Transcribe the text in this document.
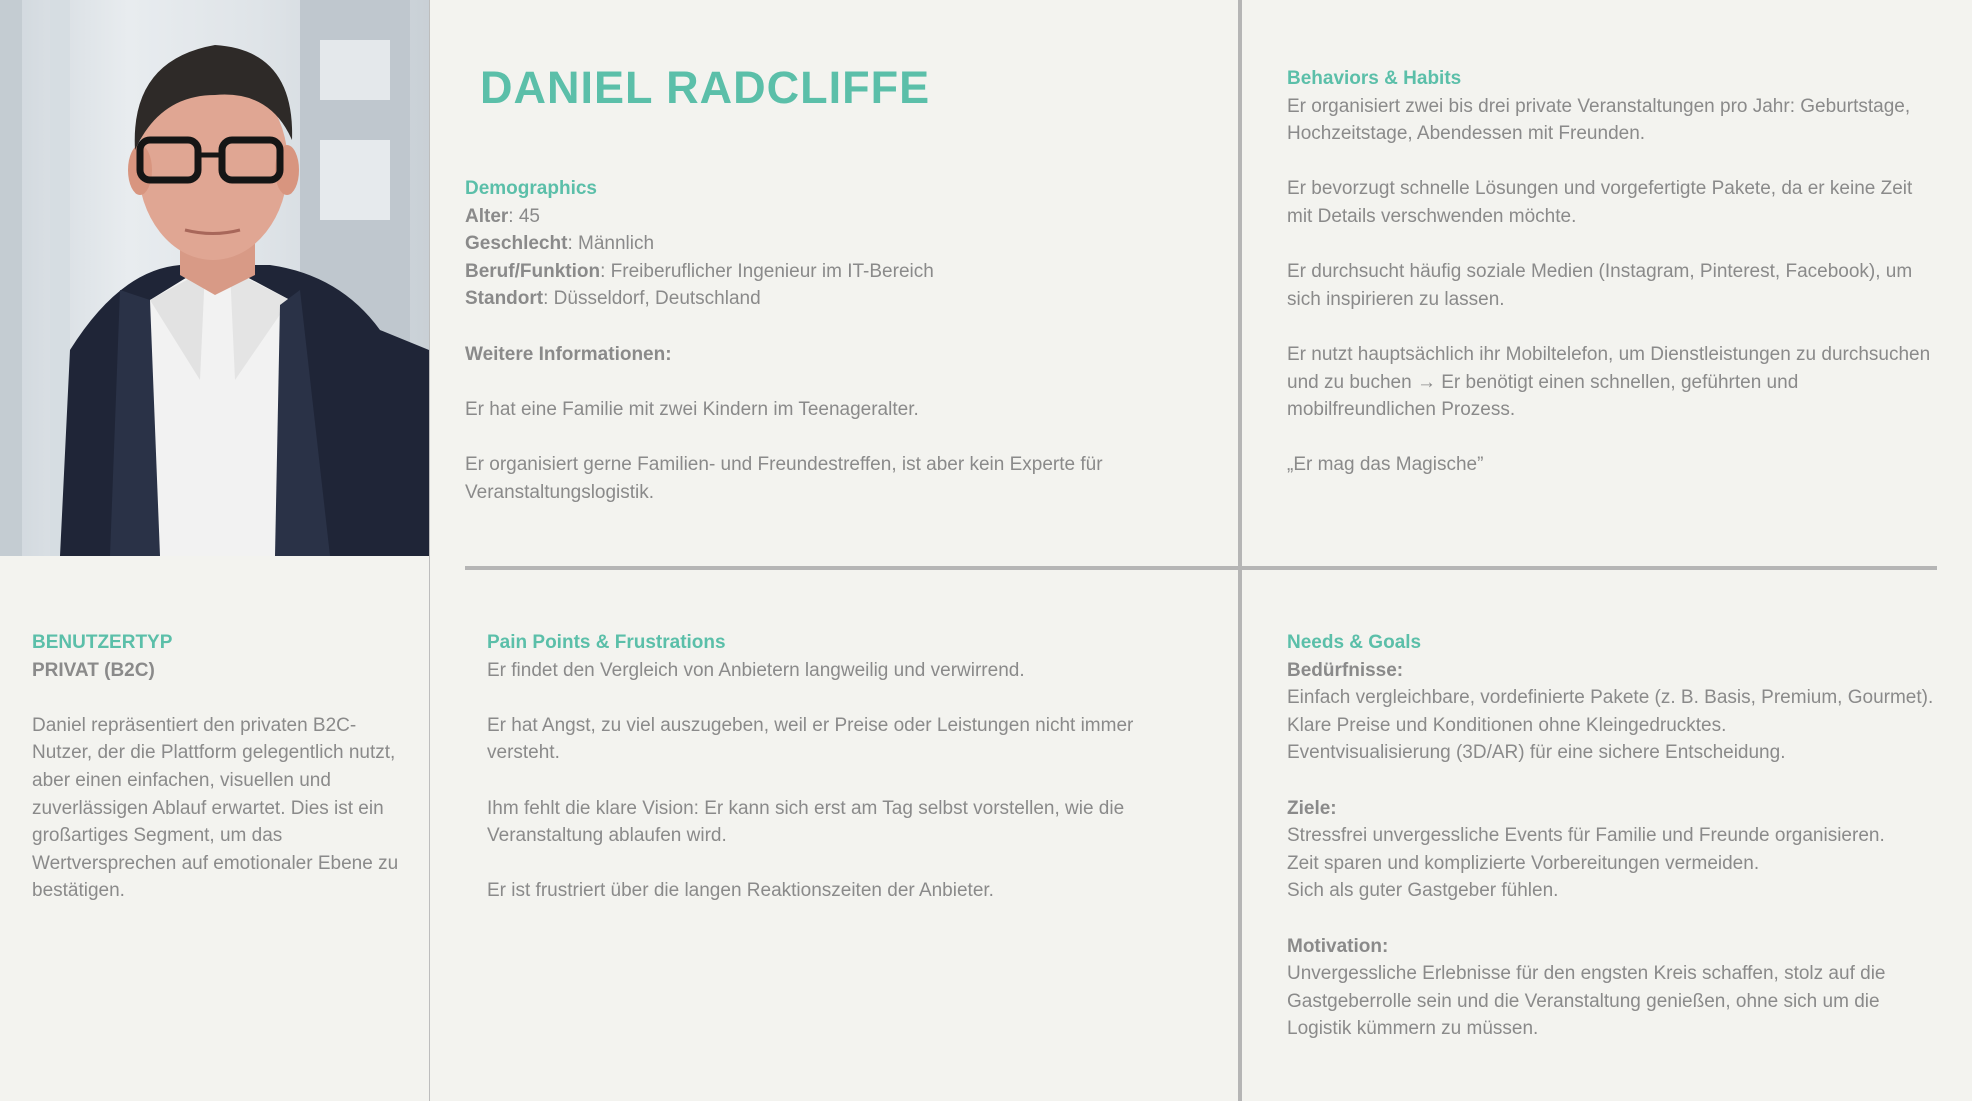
DANIEL RADCLIFFE

Demographics

Alter: 45

Geschlecht: Männlich

Beruf/Funktion: Freiberuflicher Ingenieur im IT-Bereich

Standort: Düsseldorf, Deutschland

Weitere Informationen:

Er hat eine Familie mit zwei Kindern im Teenageralter.

Er organisiert gerne Familien- und Freundestreffen, ist aber kein Experte für Veranstaltungslogistik.

Behaviors & Habits

Er organisiert zwei bis drei private Veranstaltungen pro Jahr: Geburtstage, Hochzeitstage, Abendessen mit Freunden.

Er bevorzugt schnelle Lösungen und vorgefertigte Pakete, da er keine Zeit mit Details verschwenden möchte.

Er durchsucht häufig soziale Medien (Instagram, Pinterest, Facebook), um sich inspirieren zu lassen.

Er nutzt hauptsächlich ihr Mobiltelefon, um Dienstleistungen zu durchsuchen und zu buchen → Er benötigt einen schnellen, geführten und mobilfreundlichen Prozess.

„Er mag das Magische”

BENUTZERTYP

PRIVAT (B2C)

Daniel repräsentiert den privaten B2C-Nutzer, der die Plattform gelegentlich nutzt, aber einen einfachen, visuellen und zuverlässigen Ablauf erwartet. Dies ist ein großartiges Segment, um das Wertversprechen auf emotionaler Ebene zu bestätigen.

Pain Points & Frustrations

Er findet den Vergleich von Anbietern langweilig und verwirrend.

Er hat Angst, zu viel auszugeben, weil er Preise oder Leistungen nicht immer versteht.

Ihm fehlt die klare Vision: Er kann sich erst am Tag selbst vorstellen, wie die Veranstaltung ablaufen wird.

Er ist frustriert über die langen Reaktionszeiten der Anbieter.

Needs & Goals

Bedürfnisse:

Einfach vergleichbare, vordefinierte Pakete (z. B. Basis, Premium, Gourmet).

Klare Preise und Konditionen ohne Kleingedrucktes.

Eventvisualisierung (3D/AR) für eine sichere Entscheidung.

Ziele:

Stressfrei unvergessliche Events für Familie und Freunde organisieren.

Zeit sparen und komplizierte Vorbereitungen vermeiden.

Sich als guter Gastgeber fühlen.

Motivation:

Unvergessliche Erlebnisse für den engsten Kreis schaffen, stolz auf die Gastgeberrolle sein und die Veranstaltung genießen, ohne sich um die Logistik kümmern zu müssen.
